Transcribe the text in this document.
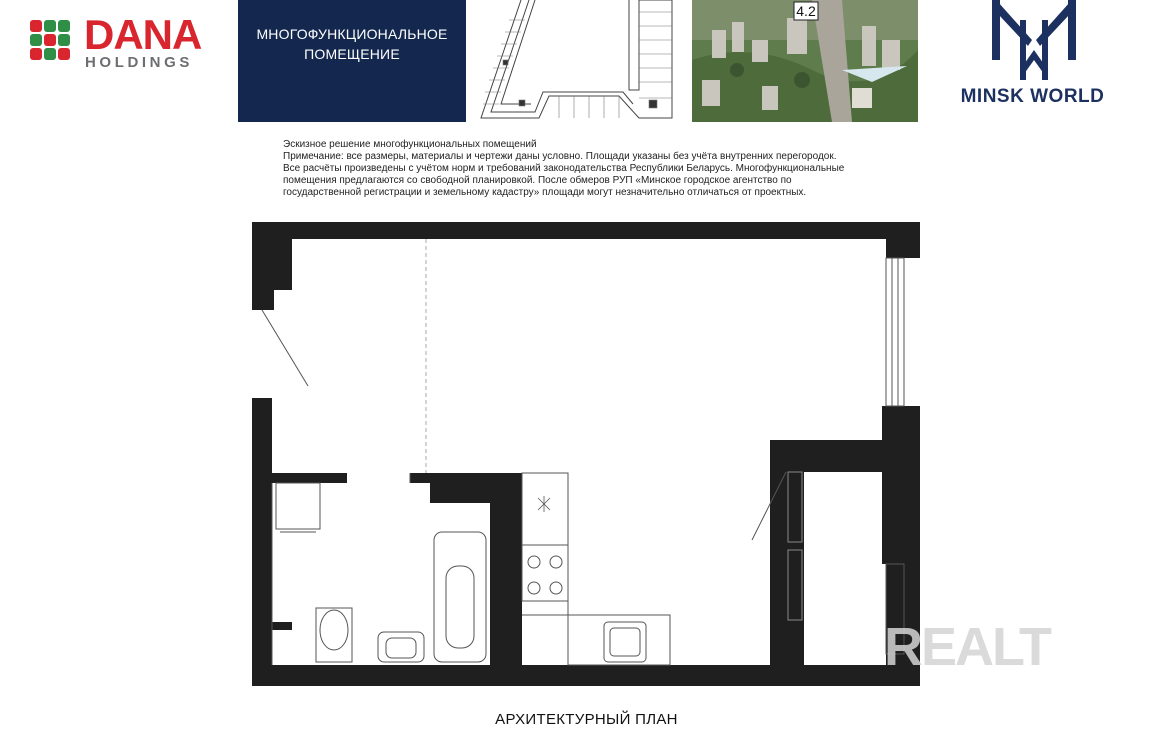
DANA
HOLDINGS
МНОГОФУНКЦИОНАЛЬНОЕ
ПОМЕЩЕНИЕ
4.2
MINSK WORLD
Эскизное решение многофункциональных помещений
Примечание: все размеры, материалы и чертежи даны условно. Площади указаны без учёта внутренних перегородок.
Все расчёты произведены с учётом норм и требований законодательства Республики Беларусь. Многофункциональные
помещения предлагаются со свободной планировкой. После обмеров РУП «Минское городское агентство по
государственной регистрации и земельному кадастру» площади могут незначительно отличаться от проектных.
АРХИТЕКТУРНЫЙ ПЛАН
REALT
